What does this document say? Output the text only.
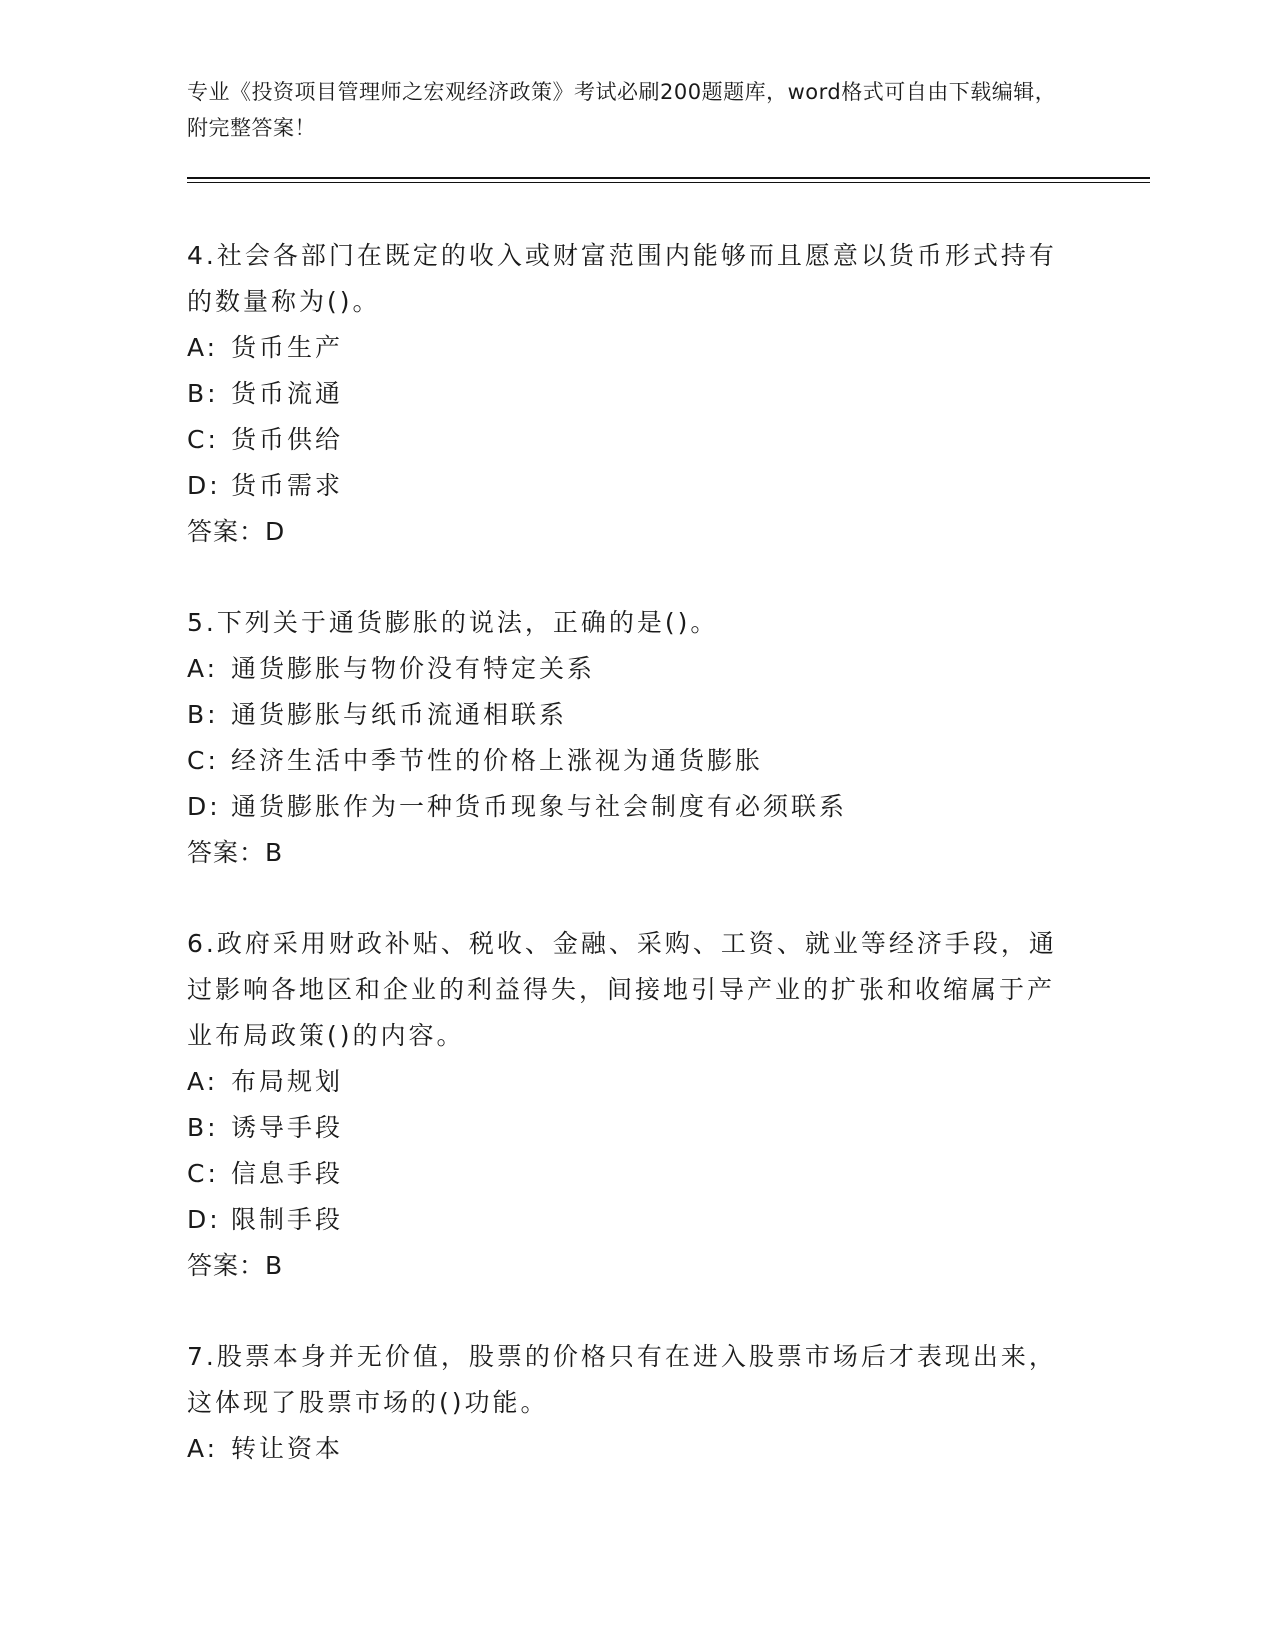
专业《投资项目管理师之宏观经济政策》考试必刷200题题库，word格式可自由下载编辑，附完整答案！

4.社会各部门在既定的收入或财富范围内能够而且愿意以货币形式持有的数量称为()。

A: 货币生产

B: 货币流通

C: 货币供给

D: 货币需求

答案：D

5.下列关于通货膨胀的说法，正确的是()。

A: 通货膨胀与物价没有特定关系

B: 通货膨胀与纸币流通相联系

C: 经济生活中季节性的价格上涨视为通货膨胀

D: 通货膨胀作为一种货币现象与社会制度有必须联系

答案：B

6.政府采用财政补贴、税收、金融、采购、工资、就业等经济手段，通过影响各地区和企业的利益得失，间接地引导产业的扩张和收缩属于产业布局政策()的内容。

A: 布局规划

B: 诱导手段

C: 信息手段

D: 限制手段

答案：B

7.股票本身并无价值，股票的价格只有在进入股票市场后才表现出来，这体现了股票市场的()功能。

A: 转让资本
